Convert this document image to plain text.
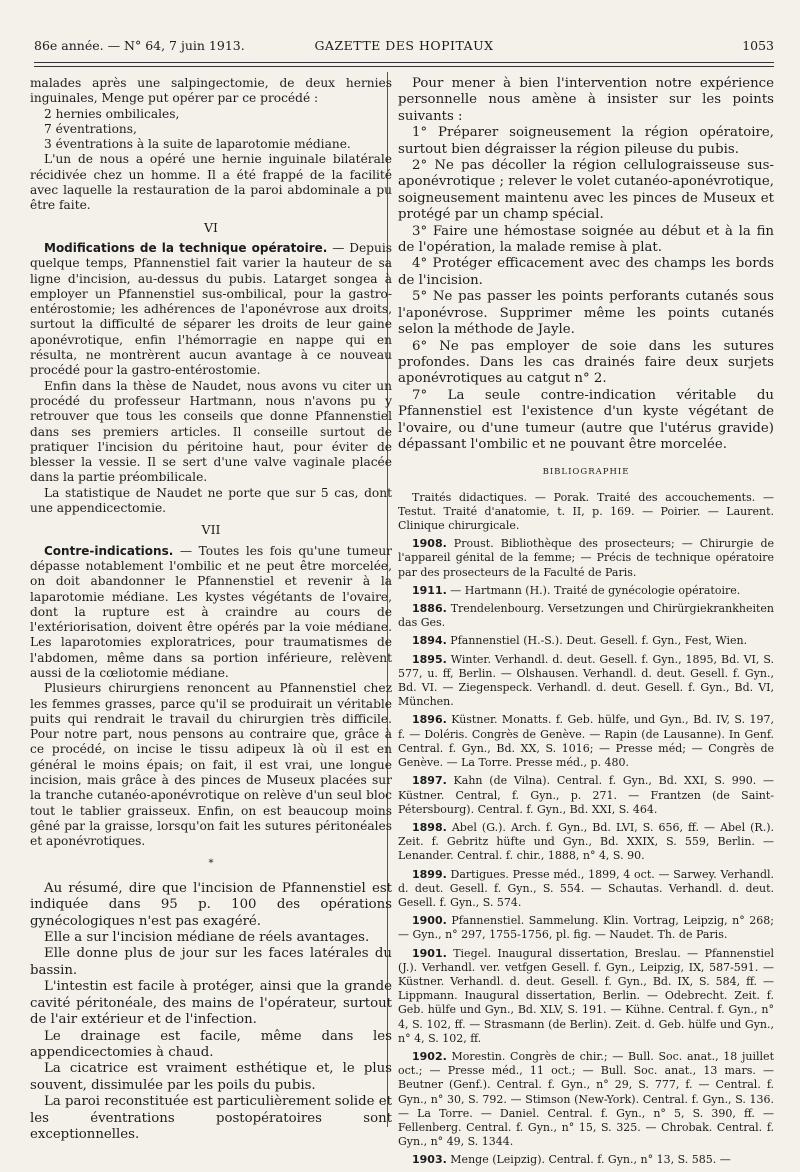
86e année. — N° 64, 7 juin 1913.	GAZETTE DES HOPITAUX	1053

malades après une salpingectomie, de deux hernies inguinales, Menge put opérer par ce procédé :

2 hernies ombilicales,

7 éventrations,

3 éventrations à la suite de laparotomie médiane.

L'un de nous a opéré une hernie inguinale bilatérale récidivée chez un homme. Il a été frappé de la facilité avec laquelle la restauration de la paroi abdominale a pu être faite.

VI

Modifications de la technique opératoire. — Depuis quelque temps, Pfannenstiel fait varier la hauteur de sa ligne d'incision, au-dessus du pubis. Latarget songea à employer un Pfannenstiel sus-ombilical, pour la gastro-entérostomie; les adhérences de l'aponévrose aux droits, surtout la difficulté de séparer les droits de leur gaine aponévrotique, enfin l'hémorragie en nappe qui en résulta, ne montrèrent aucun avantage à ce nouveau procédé pour la gastro-entérostomie.

Enfin dans la thèse de Naudet, nous avons vu citer un procédé du professeur Hartmann, nous n'avons pu y retrouver que tous les conseils que donne Pfannenstiel dans ses premiers articles. Il conseille surtout de pratiquer l'incision du péritoine haut, pour éviter de blesser la vessie. Il se sert d'une valve vaginale placée dans la partie préombilicale.

La statistique de Naudet ne porte que sur 5 cas, dont une appendicectomie.

VII

Contre-indications. — Toutes les fois qu'une tumeur dépasse notablement l'ombilic et ne peut être morcelée, on doit abandonner le Pfannenstiel et revenir à la laparotomie médiane. Les kystes végétants de l'ovaire, dont la rupture est à craindre au cours de l'extériorisation, doivent être opérés par la voie médiane. Les laparotomies exploratrices, pour traumatismes de l'abdomen, même dans sa portion inférieure, relèvent aussi de la cœliotomie médiane.

Plusieurs chirurgiens renoncent au Pfannenstiel chez les femmes grasses, parce qu'il se produirait un véritable puits qui rendrait le travail du chirurgien très difficile. Pour notre part, nous pensons au contraire que, grâce à ce procédé, on incise le tissu adipeux là où il est en général le moins épais; on fait, il est vrai, une longue incision, mais grâce à des pinces de Museux placées sur la tranche cutanéo-aponévrotique on relève d'un seul bloc tout le tablier graisseux. Enfin, on est beaucoup moins gêné par la graisse, lorsqu'on fait les sutures péritonéales et aponévrotiques.

*

Au résumé, dire que l'incision de Pfannenstiel est indiquée dans 95 p. 100 des opérations gynécologiques n'est pas exagéré.

Elle a sur l'incision médiane de réels avantages.

Elle donne plus de jour sur les faces latérales du bassin.

L'intestin est facile à protéger, ainsi que la grande cavité péritonéale, des mains de l'opérateur, surtout de l'air extérieur et de l'infection.

Le drainage est facile, même dans les appendicectomies à chaud.

La cicatrice est vraiment esthétique et, le plus souvent, dissimulée par les poils du pubis.

La paroi reconstituée est particulièrement solide et les éventrations postopératoires sont exceptionnelles.

Pour mener à bien l'intervention notre expérience personnelle nous amène à insister sur les points suivants :

1° Préparer soigneusement la région opératoire, surtout bien dégraisser la région pileuse du pubis.

2° Ne pas décoller la région cellulograisseuse sus-aponévrotique ; relever le volet cutanéo-aponévrotique, soigneusement maintenu avec les pinces de Museux et protégé par un champ spécial.

3° Faire une hémostase soignée au début et à la fin de l'opération, la malade remise à plat.

4° Protéger efficacement avec des champs les bords de l'incision.

5° Ne pas passer les points perforants cutanés sous l'aponévrose. Supprimer même les points cutanés selon la méthode de Jayle.

6° Ne pas employer de soie dans les sutures profondes. Dans les cas drainés faire deux surjets aponévrotiques au catgut n° 2.

7° La seule contre-indication véritable du Pfannenstiel est l'existence d'un kyste végétant de l'ovaire, ou d'une tumeur (autre que l'utérus gravide) dépassant l'ombilic et ne pouvant être morcelée.

BIBLIOGRAPHIE

Traités didactiques. — Porak. Traité des accouchements. — Testut. Traité d'anatomie, t. II, p. 169. — Poirier. — Laurent. Clinique chirurgicale.

1908. Proust. Bibliothèque des prosecteurs; — Chirurgie de l'appareil génital de la femme; — Précis de technique opératoire par des prosecteurs de la Faculté de Paris.

1911. — Hartmann (H.). Traité de gynécologie opératoire.

1886. Trendelenbourg. Versetzungen und Chirürgiekrankheiten das Ges.

1894. Pfannenstiel (H.-S.). Deut. Gesell. f. Gyn., Fest, Wien.

1895. Winter. Verhandl. d. deut. Gesell. f. Gyn., 1895, Bd. VI, S. 577, u. ff, Berlin. — Olshausen. Verhandl. d. deut. Gesell. f. Gyn., Bd. VI. — Ziegenspeck. Verhandl. d. deut. Gesell. f. Gyn., Bd. VI, München.

1896. Küstner. Monatts. f. Geb. hülfe, und Gyn., Bd. IV, S. 197, f. — Doléris. Congrès de Genève. — Rapin (de Lausanne). In Genf. Central. f. Gyn., Bd. XX, S. 1016; — Presse méd; — Congrès de Genève. — La Torre. Presse méd., p. 480.

1897. Kahn (de Vilna). Central. f. Gyn., Bd. XXI, S. 990. — Küstner. Central, f. Gyn., p. 271. — Frantzen (de Saint-Pétersbourg). Central. f. Gyn., Bd. XXI, S. 464.

1898. Abel (G.). Arch. f. Gyn., Bd. LVI, S. 656, ff. — Abel (R.). Zeit. f. Gebritz hüfte und Gyn., Bd. XXIX, S. 559, Berlin. — Lenander. Central. f. chir., 1888, n° 4, S. 90.

1899. Dartigues. Presse méd., 1899, 4 oct. — Sarwey. Verhandl. d. deut. Gesell. f. Gyn., S. 554. — Schautas. Verhandl. d. deut. Gesell. f. Gyn., S. 574.

1900. Pfannenstiel. Sammelung. Klin. Vortrag, Leipzig, n° 268; — Gyn., n° 297, 1755-1756, pl. fig. — Naudet. Th. de Paris.

1901. Tiegel. Inaugural dissertation, Breslau. — Pfannenstiel (J.). Verhandl. ver. vetfgen Gesell. f. Gyn., Leipzig, IX, 587-591. — Küstner. Verhandl. d. deut. Gesell. f. Gyn., Bd. IX, S. 584, ff. — Lippmann. Inaugural dissertation, Berlin. — Odebrecht. Zeit. f. Geb. hülfe und Gyn., Bd. XLV, S. 191. — Kühne. Central. f. Gyn., n° 4, S. 102, ff. — Strasmann (de Berlin). Zeit. d. Geb. hülfe und Gyn., n° 4, S. 102, ff.

1902. Morestin. Congrès de chir.; — Bull. Soc. anat., 18 juillet oct.; — Presse méd., 11 oct.; — Bull. Soc. anat., 13 mars. — Beutner (Genf.). Central. f. Gyn., n° 29, S. 777, f. — Central. f. Gyn., n° 30, S. 792. — Stimson (New-York). Central. f. Gyn., S. 136. — La Torre. — Daniel. Central. f. Gyn., n° 5, S. 390, ff. — Fellenberg. Central. f. Gyn., n° 15, S. 325. — Chrobak. Central. f. Gyn., n° 49, S. 1344.

1903. Menge (Leipzig). Central. f. Gyn., n° 13, S. 585. —
